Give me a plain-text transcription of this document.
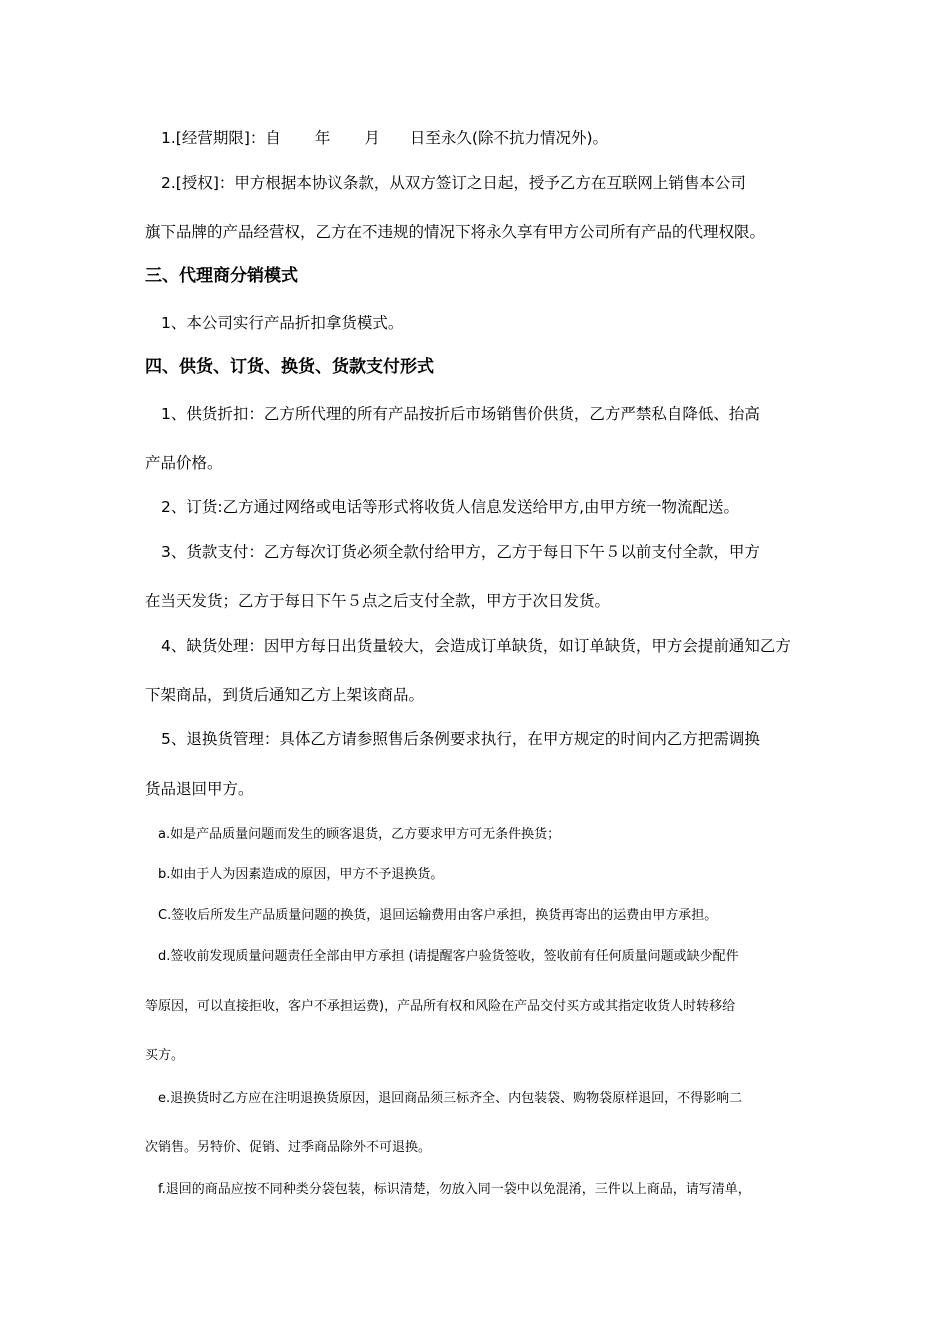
1.[经营期限]：自 年 月 日至永久(除不抗力情况外)。
2.[授权]：甲方根据本协议条款，从双方签订之日起，授予乙方在互联网上销售本公司
旗下品牌的产品经营权，乙方在不违规的情况下将永久享有甲方公司所有产品的代理权限。
三、代理商分销模式
1、本公司实行产品折扣拿货模式。
四、供货、订货、换货、货款支付形式
1、供货折扣：乙方所代理的所有产品按折后市场销售价供货，乙方严禁私自降低、抬高
产品价格。
2、订货:乙方通过网络或电话等形式将收货人信息发送给甲方,由甲方统一物流配送。
3、货款支付：乙方每次订货必须全款付给甲方，乙方于每日下午５以前支付全款，甲方
在当天发货；乙方于每日下午５点之后支付全款，甲方于次日发货。
4、缺货处理：因甲方每日出货量较大，会造成订单缺货，如订单缺货，甲方会提前通知乙方
下架商品，到货后通知乙方上架该商品。
5、退换货管理：具体乙方请参照售后条例要求执行，在甲方规定的时间内乙方把需调换
货品退回甲方。
a.如是产品质量问题而发生的顾客退货，乙方要求甲方可无条件换货；
b.如由于人为因素造成的原因，甲方不予退换货。
C.签收后所发生产品质量问题的换货，退回运输费用由客户承担，换货再寄出的运费由甲方承担。
d.签收前发现质量问题责任全部由甲方承担 (请提醒客户验货签收，签收前有任何质量问题或缺少配件
等原因，可以直接拒收，客户不承担运费)，产品所有权和风险在产品交付买方或其指定收货人时转移给
买方。
e.退换货时乙方应在注明退换货原因，退回商品须三标齐全、内包装袋、购物袋原样退回，不得影响二
次销售。另特价、促销、过季商品除外不可退换。
f.退回的商品应按不同种类分袋包装，标识清楚，勿放入同一袋中以免混淆，三件以上商品，请写清单，
